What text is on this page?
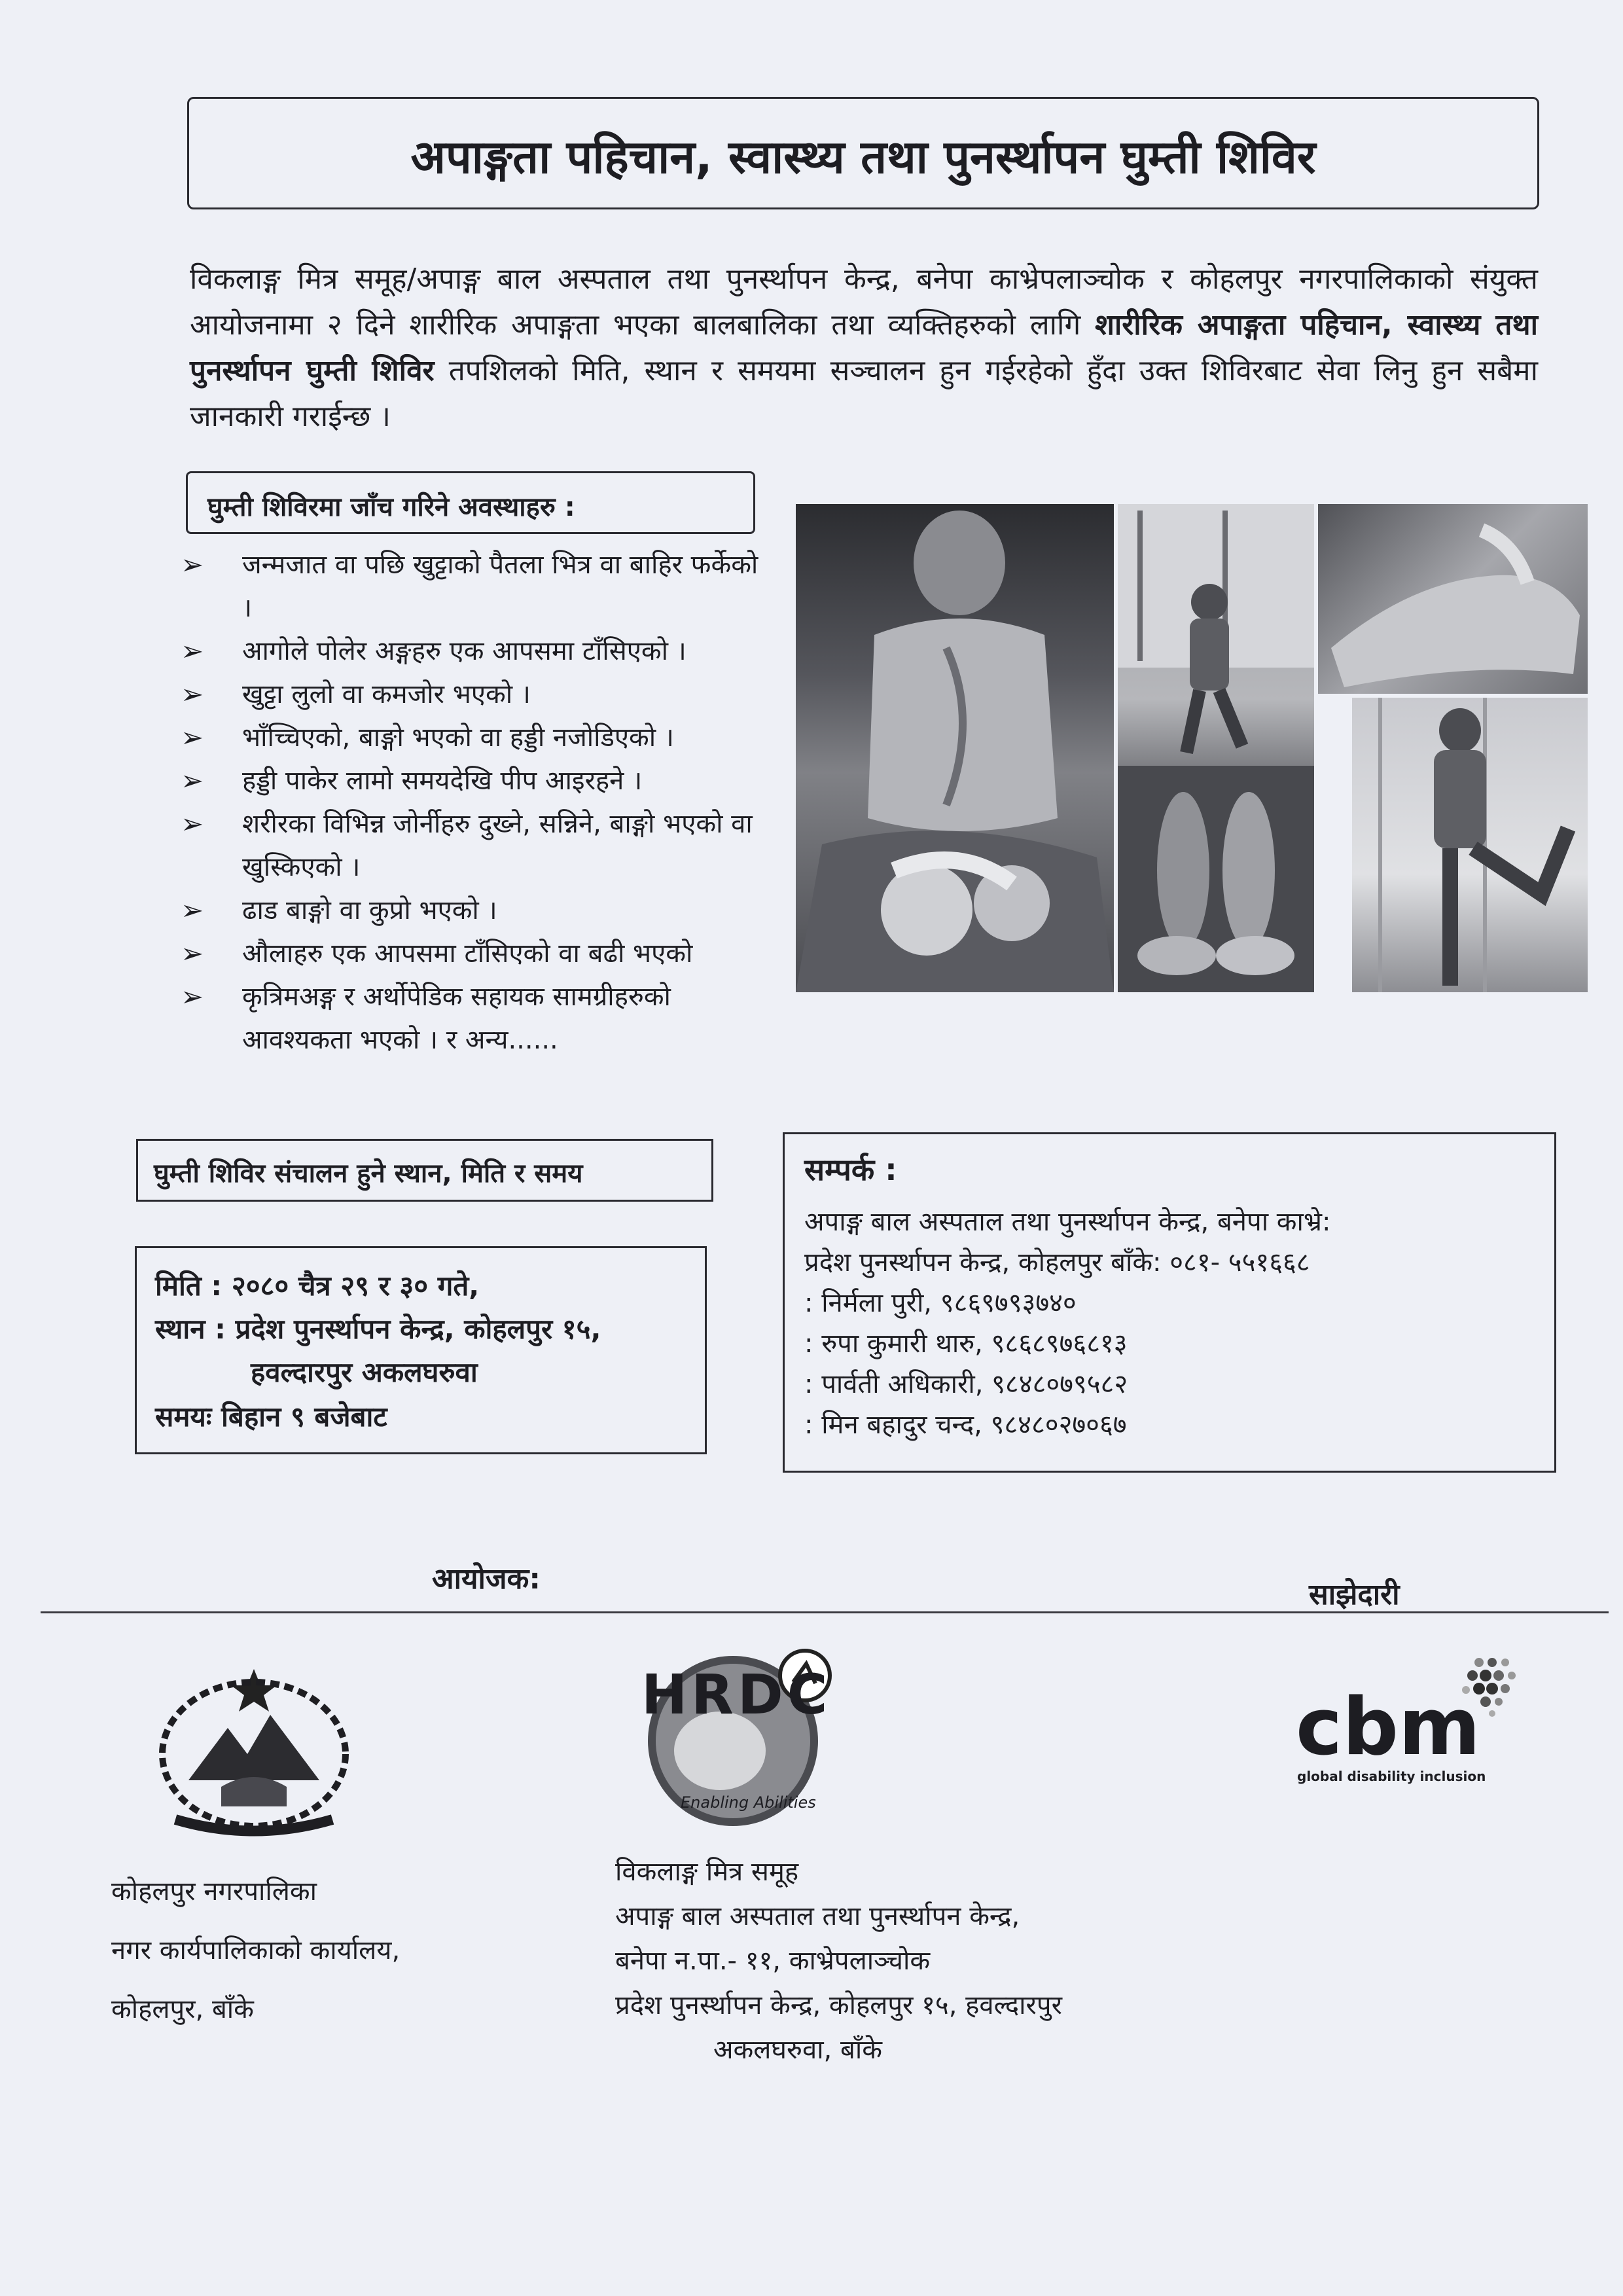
अपाङ्गता पहिचान, स्वास्थ्य तथा पुनर्स्थापन घुम्ती शिविर
विकलाङ्ग मित्र समूह/अपाङ्ग बाल अस्पताल तथा पुनर्स्थापन केन्द्र, बनेपा काभ्रेपलाञ्चोक र कोहलपुर नगरपालिकाको संयुक्त आयोजनामा २ दिने शारीरिक अपाङ्गता भएका बालबालिका तथा व्यक्तिहरुको लागि शारीरिक अपाङ्गता पहिचान, स्वास्थ्य तथा पुनर्स्थापन घुम्ती शिविर तपशिलको मिति, स्थान र समयमा सञ्चालन हुन गईरहेको हुँदा उक्त शिविरबाट सेवा लिनु हुन सबैमा जानकारी गराईन्छ ।
घुम्ती शिविरमा जाँच गरिने अवस्थाहरु :
➢ जन्मजात वा पछि खुट्टाको पैतला भित्र वा बाहिर फर्केको ।
➢ आगोले पोलेर अङ्गहरु एक आपसमा टाँसिएको ।
➢ खुट्टा लुलो वा कमजोर भएको ।
➢ भाँच्चिएको, बाङ्गो भएको वा हड्डी नजोडिएको ।
➢ हड्डी पाकेर लामो समयदेखि पीप आइरहने ।
➢ शरीरका विभिन्न जोर्नीहरु दुख्ने, सन्निने, बाङ्गो भएको वा खुस्किएको ।
➢ ढाड बाङ्गो वा कुप्रो भएको ।
➢ औलाहरु एक आपसमा टाँसिएको वा बढी भएको
➢ कृत्रिमअङ्ग र अर्थोपेडिक सहायक सामग्रीहरुको आवश्यकता भएको । र अन्य......
घुम्ती शिविर संचालन हुने स्थान, मिति र समय
मिति : २०८० चैत्र २९ र ३० गते,
स्थान : प्रदेश पुनर्स्थापन केन्द्र, कोहलपुर १५,
हवल्दारपुर अकलघरुवा
समयः बिहान ९ बजेबाट
सम्पर्क :
अपाङ्ग बाल अस्पताल तथा पुनर्स्थापन केन्द्र, बनेपा काभ्रे:
प्रदेश पुनर्स्थापन केन्द्र, कोहलपुर बाँके: ०८१- ५५१६६८
: निर्मला पुरी, ९८६९७९३७४०
: रुपा कुमारी थारु, ९८६८९७६८१३
: पार्वती अधिकारी, ९८४८०७९५८२
: मिन बहादुर चन्द, ९८४८०२७०६७
आयोजक:	साझेदारी
HRDC
Enabling Abilities
cbm
global disability inclusion
कोहलपुर नगरपालिका
नगर कार्यपालिकाको कार्यालय,
कोहलपुर, बाँके
विकलाङ्ग मित्र समूह
अपाङ्ग बाल अस्पताल तथा पुनर्स्थापन केन्द्र,
बनेपा न.पा.- ११, काभ्रेपलाञ्चोक
प्रदेश पुनर्स्थापन केन्द्र, कोहलपुर १५, हवल्दारपुर
अकलघरुवा, बाँके
